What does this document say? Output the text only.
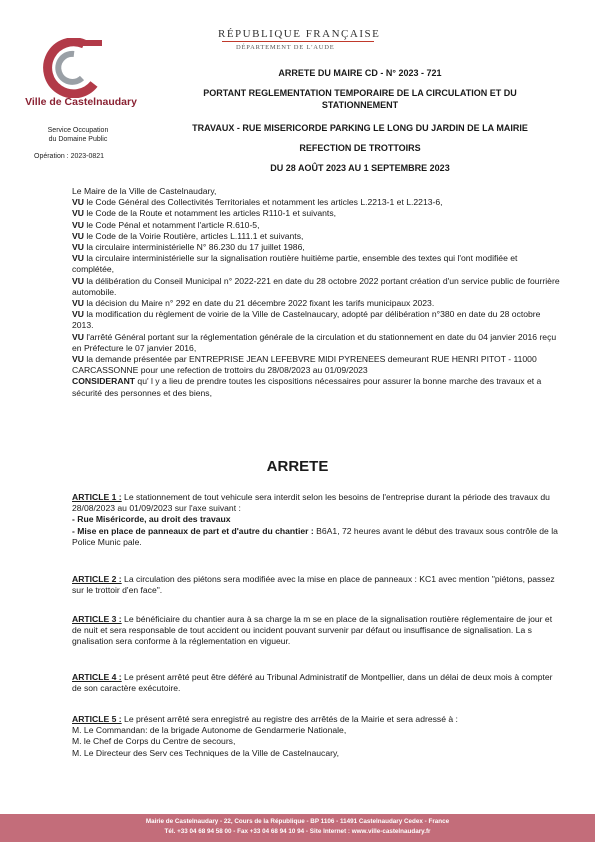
Ville de Castelnaudary
Service Occupation
du Domaine Public
Opération : 2023-0821
RÉPUBLIQUE FRANÇAISE
DÉPARTEMENT DE L'AUDE
ARRETE DU MAIRE CD - N° 2023 - 721
PORTANT REGLEMENTATION TEMPORAIRE DE LA CIRCULATION ET DU
STATIONNEMENT
TRAVAUX - RUE MISERICORDE PARKING LE LONG DU JARDIN DE LA MAIRIE
REFECTION DE TROTTOIRS
DU 28 AOÛT 2023 AU 1 SEPTEMBRE 2023

Le Maire de la Ville de Castelnaudary,

VU le Code Général des Collectivités Territoriales et notamment les articles L.2213-1 et L.2213-6,

VU le Code de la Route et notamment les articles R110-1 et suivants,

VU le Code Pénal et notamment l'article R.610-5,

VU le Code de la Voirie Routière, articles L.111.1 et suivants,

VU la circulaire interministérielle N° 86.230 du 17 juillet 1986,

VU la circulaire interministérielle sur la signalisation routière huitième partie, ensemble des textes qui l'ont modifiée et complétée,

VU la délibération du Conseil Municipal n° 2022-221 en date du 28 octobre 2022 portant création d'un service public de fourrière automobile.

VU la décision du Maire n° 292 en date du 21 décembre 2022 fixant les tarifs municipaux 2023.

VU la modification du règlement de voirie de la Ville de Castelnaucary, adopté par délibération n°380 en date du 28 octobre 2013.

VU l'arrêté Général portant sur la réglementation générale de la circulation et du stationnement en date du 04 janvier 2016 reçu en Préfecture le 07 janvier 2016,

VU la demande présentée par ENTREPRISE JEAN LEFEBVRE MIDI PYRENEES demeurant RUE HENRI PITOT - 11000 CARCASSONNE pour une refection de trottoirs du 28/08/2023 au 01/09/2023

CONSIDERANT qu' l y a lieu de prendre toutes les cispositions nécessaires pour assurer la bonne marche des travaux et a sécurité des personnes et des biens,

ARRETE

ARTICLE 1 : Le stationnement de tout vehicule sera interdit selon les besoins de l'entreprise durant la période des travaux du 28/08/2023 au 01/09/2023 sur l'axe suivant :

- Rue Miséricorde, au droit des travaux

- Mise en place de panneaux de part et d'autre du chantier : B6A1, 72 heures avant le début des travaux sous contrôle de la Police Munic pale.

ARTICLE 2 : La circulation des piétons sera modifiée avec la mise en place de panneaux : KC1 avec mention "piétons, passez sur le trottoir d'en face".

ARTICLE 3 : Le bénéficiaire du chantier aura à sa charge la m se en place de la signalisation routière réglementaire de jour et de nuit et sera responsable de tout accident ou incident pouvant survenir par défaut ou insuffisance de signalisation. La s gnalisation sera conforme à la réglementation en vigueur.

ARTICLE 4 : Le présent arrêté peut être déféré au Tribunal Administratif de Montpellier, dans un délai de deux mois à compter de son caractère exécutoire.

ARTICLE 5 : Le présent arrêté sera enregistré au registre des arrêtés de la Mairie et sera adressé à :

M. Le Commandan: de la brigade Autonome de Gendarmerie Nationale,

M. le Chef de Corps du Centre de secours,

M. Le Directeur des Serv ces Techniques de la Ville de Castelnaucary,

Mairie de Castelnaudary - 22, Cours de la République - BP 1106 - 11491 Castelnaudary Cedex - France
Tél. +33 04 68 94 58 00 - Fax +33 04 68 94 10 94 - Site Internet : www.ville-castelnaudary.fr
